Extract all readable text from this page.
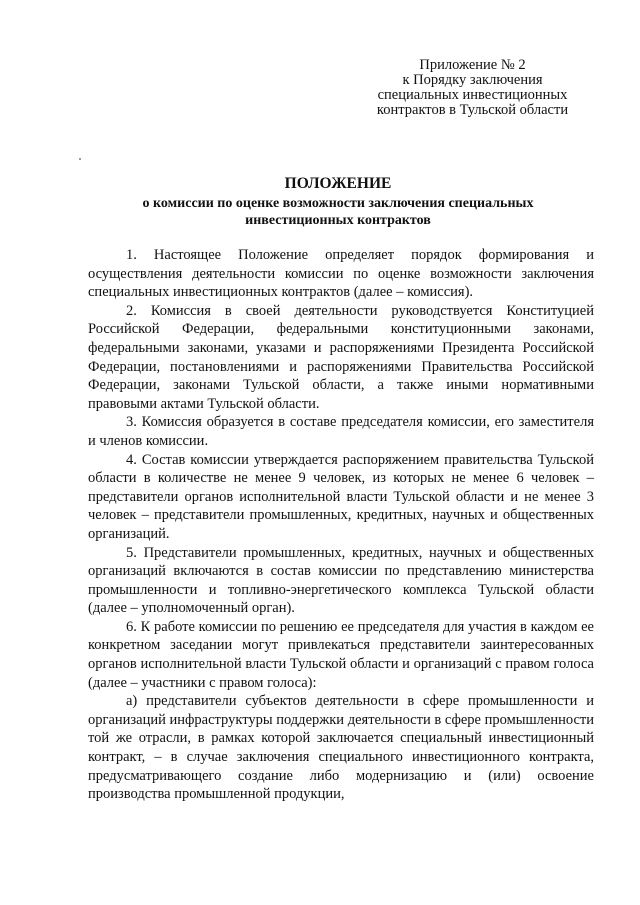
Приложение № 2
к Порядку заключения
специальных инвестиционных
контрактов в Тульской области
ПОЛОЖЕНИЕ
о комиссии по оценке возможности заключения специальных
инвестиционных контрактов

1. Настоящее Положение определяет порядок формирования и осуществления деятельности комиссии по оценке возможности заключения специальных инвестиционных контрактов (далее – комиссия).

2. Комиссия в своей деятельности руководствуется Конституцией Российской Федерации, федеральными конституционными законами, федеральными законами, указами и распоряжениями Президента Российской Федерации, постановлениями и распоряжениями Правительства Российской Федерации, законами Тульской области, а также иными нормативными правовыми актами Тульской области.

3. Комиссия образуется в составе председателя комиссии, его заместителя и членов комиссии.

4. Состав комиссии утверждается распоряжением правительства Тульской области в количестве не менее 9 человек, из которых не менее 6 человек – представители органов исполнительной власти Тульской области и не менее 3 человек – представители промышленных, кредитных, научных и общественных организаций.

5. Представители промышленных, кредитных, научных и общественных организаций включаются в состав комиссии по представлению министерства промышленности и топливно-энергетического комплекса Тульской области (далее – уполномоченный орган).

6. К работе комиссии по решению ее председателя для участия в каждом ее конкретном заседании могут привлекаться представители заинтересованных органов исполнительной власти Тульской области и организаций с правом голоса (далее – участники с правом голоса):

а) представители субъектов деятельности в сфере промышленности и организаций инфраструктуры поддержки деятельности в сфере промышленности той же отрасли, в рамках которой заключается специальный инвестиционный контракт, – в случае заключения специального инвестиционного контракта, предусматривающего создание либо модернизацию и (или) освоение производства промышленной продукции,
